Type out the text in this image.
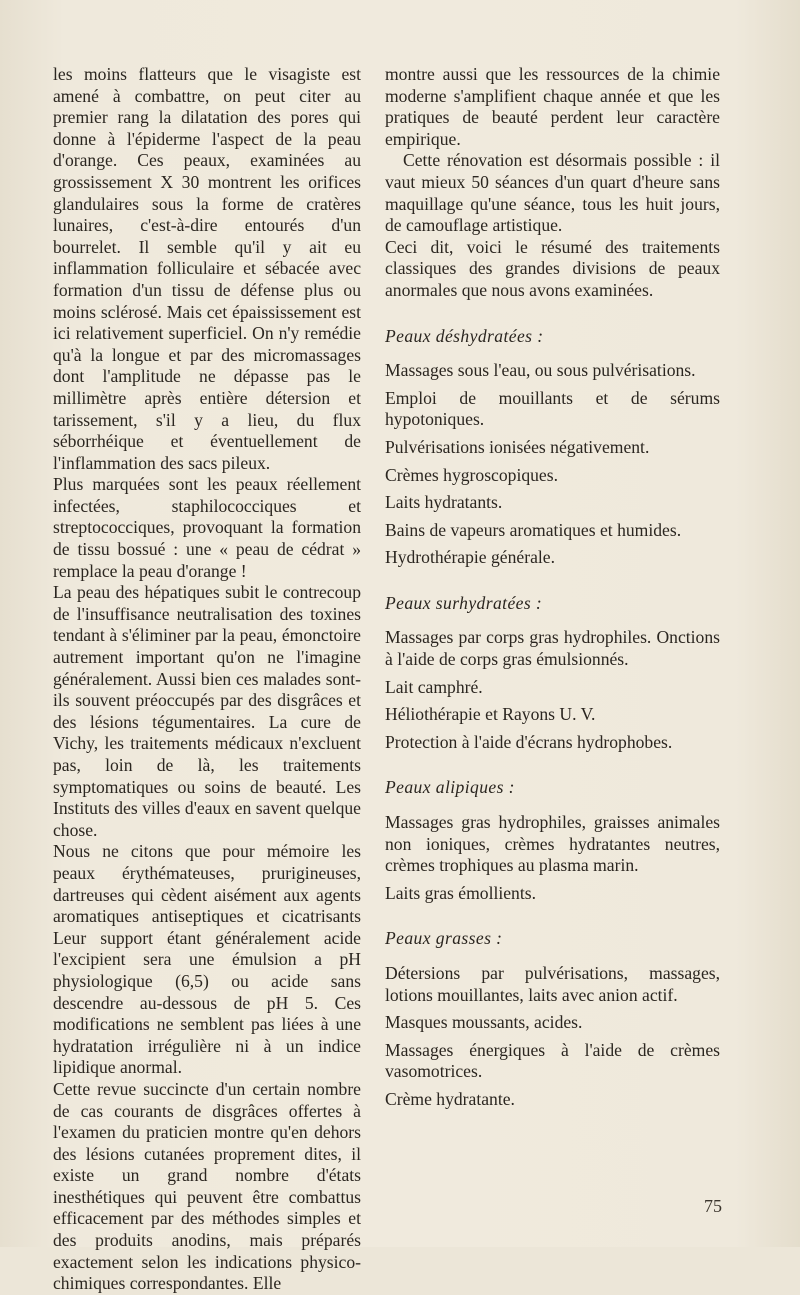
les moins flatteurs que le visagiste est amené à combattre, on peut citer au premier rang la dilatation des pores qui donne à l'épiderme l'aspect de la peau d'orange. Ces peaux, examinées au grossissement X 30 montrent les orifices glandulaires sous la forme de cratères lunaires, c'est-à-dire entourés d'un bourrelet. Il semble qu'il y ait eu inflammation folliculaire et sébacée avec formation d'un tissu de défense plus ou moins sclérosé. Mais cet épaississement est ici relativement superficiel. On n'y remédie qu'à la longue et par des micromassages dont l'amplitude ne dépasse pas le millimètre après entière détersion et tarissement, s'il y a lieu, du flux séborrhéique et éventuellement de l'inflammation des sacs pileux.

Plus marquées sont les peaux réellement infectées, staphilococciques et streptococciques, provoquant la formation de tissu bossué : une « peau de cédrat » remplace la peau d'orange !

La peau des hépatiques subit le contrecoup de l'insuffisance neutralisation des toxines tendant à s'éliminer par la peau, émonctoire autrement important qu'on ne l'imagine généralement. Aussi bien ces malades sont-ils souvent préoccupés par des disgrâces et des lésions tégumentaires. La cure de Vichy, les traitements médicaux n'excluent pas, loin de là, les traitements symptomatiques ou soins de beauté. Les Instituts des villes d'eaux en savent quelque chose.

Nous ne citons que pour mémoire les peaux érythémateuses, prurigineuses, dartreuses qui cèdent aisément aux agents aromatiques antiseptiques et cicatrisants Leur support étant généralement acide l'excipient sera une émulsion a pH physiologique (6,5) ou acide sans descendre au-dessous de pH 5. Ces modifications ne semblent pas liées à une hydratation irrégulière ni à un indice lipidique anormal.

Cette revue succincte d'un certain nombre de cas courants de disgrâces offertes à l'examen du praticien montre qu'en dehors des lésions cutanées proprement dites, il existe un grand nombre d'états inesthétiques qui peuvent être combattus efficacement par des méthodes simples et des produits anodins, mais préparés exactement selon les indications physico-chimiques correspondantes. Elle

montre aussi que les ressources de la chimie moderne s'amplifient chaque année et que les pratiques de beauté perdent leur caractère empirique.

Cette rénovation est désormais possible : il vaut mieux 50 séances d'un quart d'heure sans maquillage qu'une séance, tous les huit jours, de camouflage artistique.

Ceci dit, voici le résumé des traitements classiques des grandes divisions de peaux anormales que nous avons examinées.

Peaux déshydratées :

Massages sous l'eau, ou sous pulvérisations.

Emploi de mouillants et de sérums hypotoniques.

Pulvérisations ionisées négativement.

Crèmes hygroscopiques.

Laits hydratants.

Bains de vapeurs aromatiques et humides.

Hydrothérapie générale.

Peaux surhydratées :

Massages par corps gras hydrophiles. Onctions à l'aide de corps gras émulsionnés.

Lait camphré.

Héliothérapie et Rayons U. V.

Protection à l'aide d'écrans hydrophobes.

Peaux alipiques :

Massages gras hydrophiles, graisses animales non ioniques, crèmes hydratantes neutres, crèmes trophiques au plasma marin.

Laits gras émollients.

Peaux grasses :

Détersions par pulvérisations, massages, lotions mouillantes, laits avec anion actif.

Masques moussants, acides.

Massages énergiques à l'aide de crèmes vasomotrices.

Crème hydratante.

75
